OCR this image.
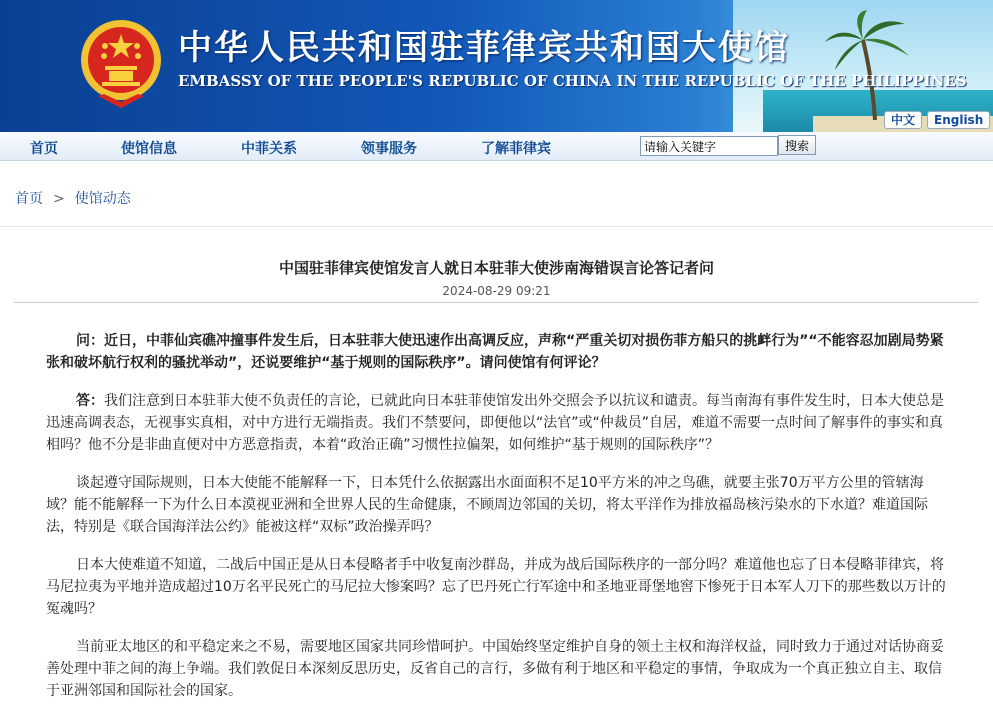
中华人民共和国驻菲律宾共和国大使馆
EMBASSY OF THE PEOPLE'S REPUBLIC OF CHINA IN THE REPUBLIC OF THE PHILIPPINES
中文	English
首页	使馆信息	中菲关系	领事服务	了解菲律宾
请输入关键字	搜索
首页 > 使馆动态
中国驻菲律宾使馆发言人就日本驻菲大使涉南海错误言论答记者问
2024-08-29 09:21

问：近日，中菲仙宾礁冲撞事件发生后，日本驻菲大使迅速作出高调反应，声称“严重关切对损伤菲方船只的挑衅行为”“不能容忍加剧局势紧张和破坏航行权利的骚扰举动”，还说要维护“基于规则的国际秩序”。请问使馆有何评论？

答：我们注意到日本驻菲大使不负责任的言论，已就此向日本驻菲使馆发出外交照会予以抗议和谴责。每当南海有事件发生时，日本大使总是迅速高调表态，无视事实真相，对中方进行无端指责。我们不禁要问，即便他以“法官”或“仲裁员”自居，难道不需要一点时间了解事件的事实和真相吗？他不分是非曲直便对中方恶意指责，本着“政治正确”习惯性拉偏架，如何维护“基于规则的国际秩序”？

谈起遵守国际规则，日本大使能不能解释一下，日本凭什么依据露出水面面积不足10平方米的冲之鸟礁，就要主张70万平方公里的管辖海域？能不能解释一下为什么日本漠视亚洲和全世界人民的生命健康，不顾周边邻国的关切，将太平洋作为排放福岛核污染水的下水道？难道国际法，特别是《联合国海洋法公约》能被这样“双标”政治操弄吗？

日本大使难道不知道，二战后中国正是从日本侵略者手中收复南沙群岛，并成为战后国际秩序的一部分吗？难道他也忘了日本侵略菲律宾，将马尼拉夷为平地并造成超过10万名平民死亡的马尼拉大惨案吗？忘了巴丹死亡行军途中和圣地亚哥堡地窖下惨死于日本军人刀下的那些数以万计的冤魂吗？

当前亚太地区的和平稳定来之不易，需要地区国家共同珍惜呵护。中国始终坚定维护自身的领土主权和海洋权益，同时致力于通过对话协商妥善处理中菲之间的海上争端。我们敦促日本深刻反思历史，反省自己的言行，多做有利于地区和平稳定的事情，争取成为一个真正独立自主、取信于亚洲邻国和国际社会的国家。
